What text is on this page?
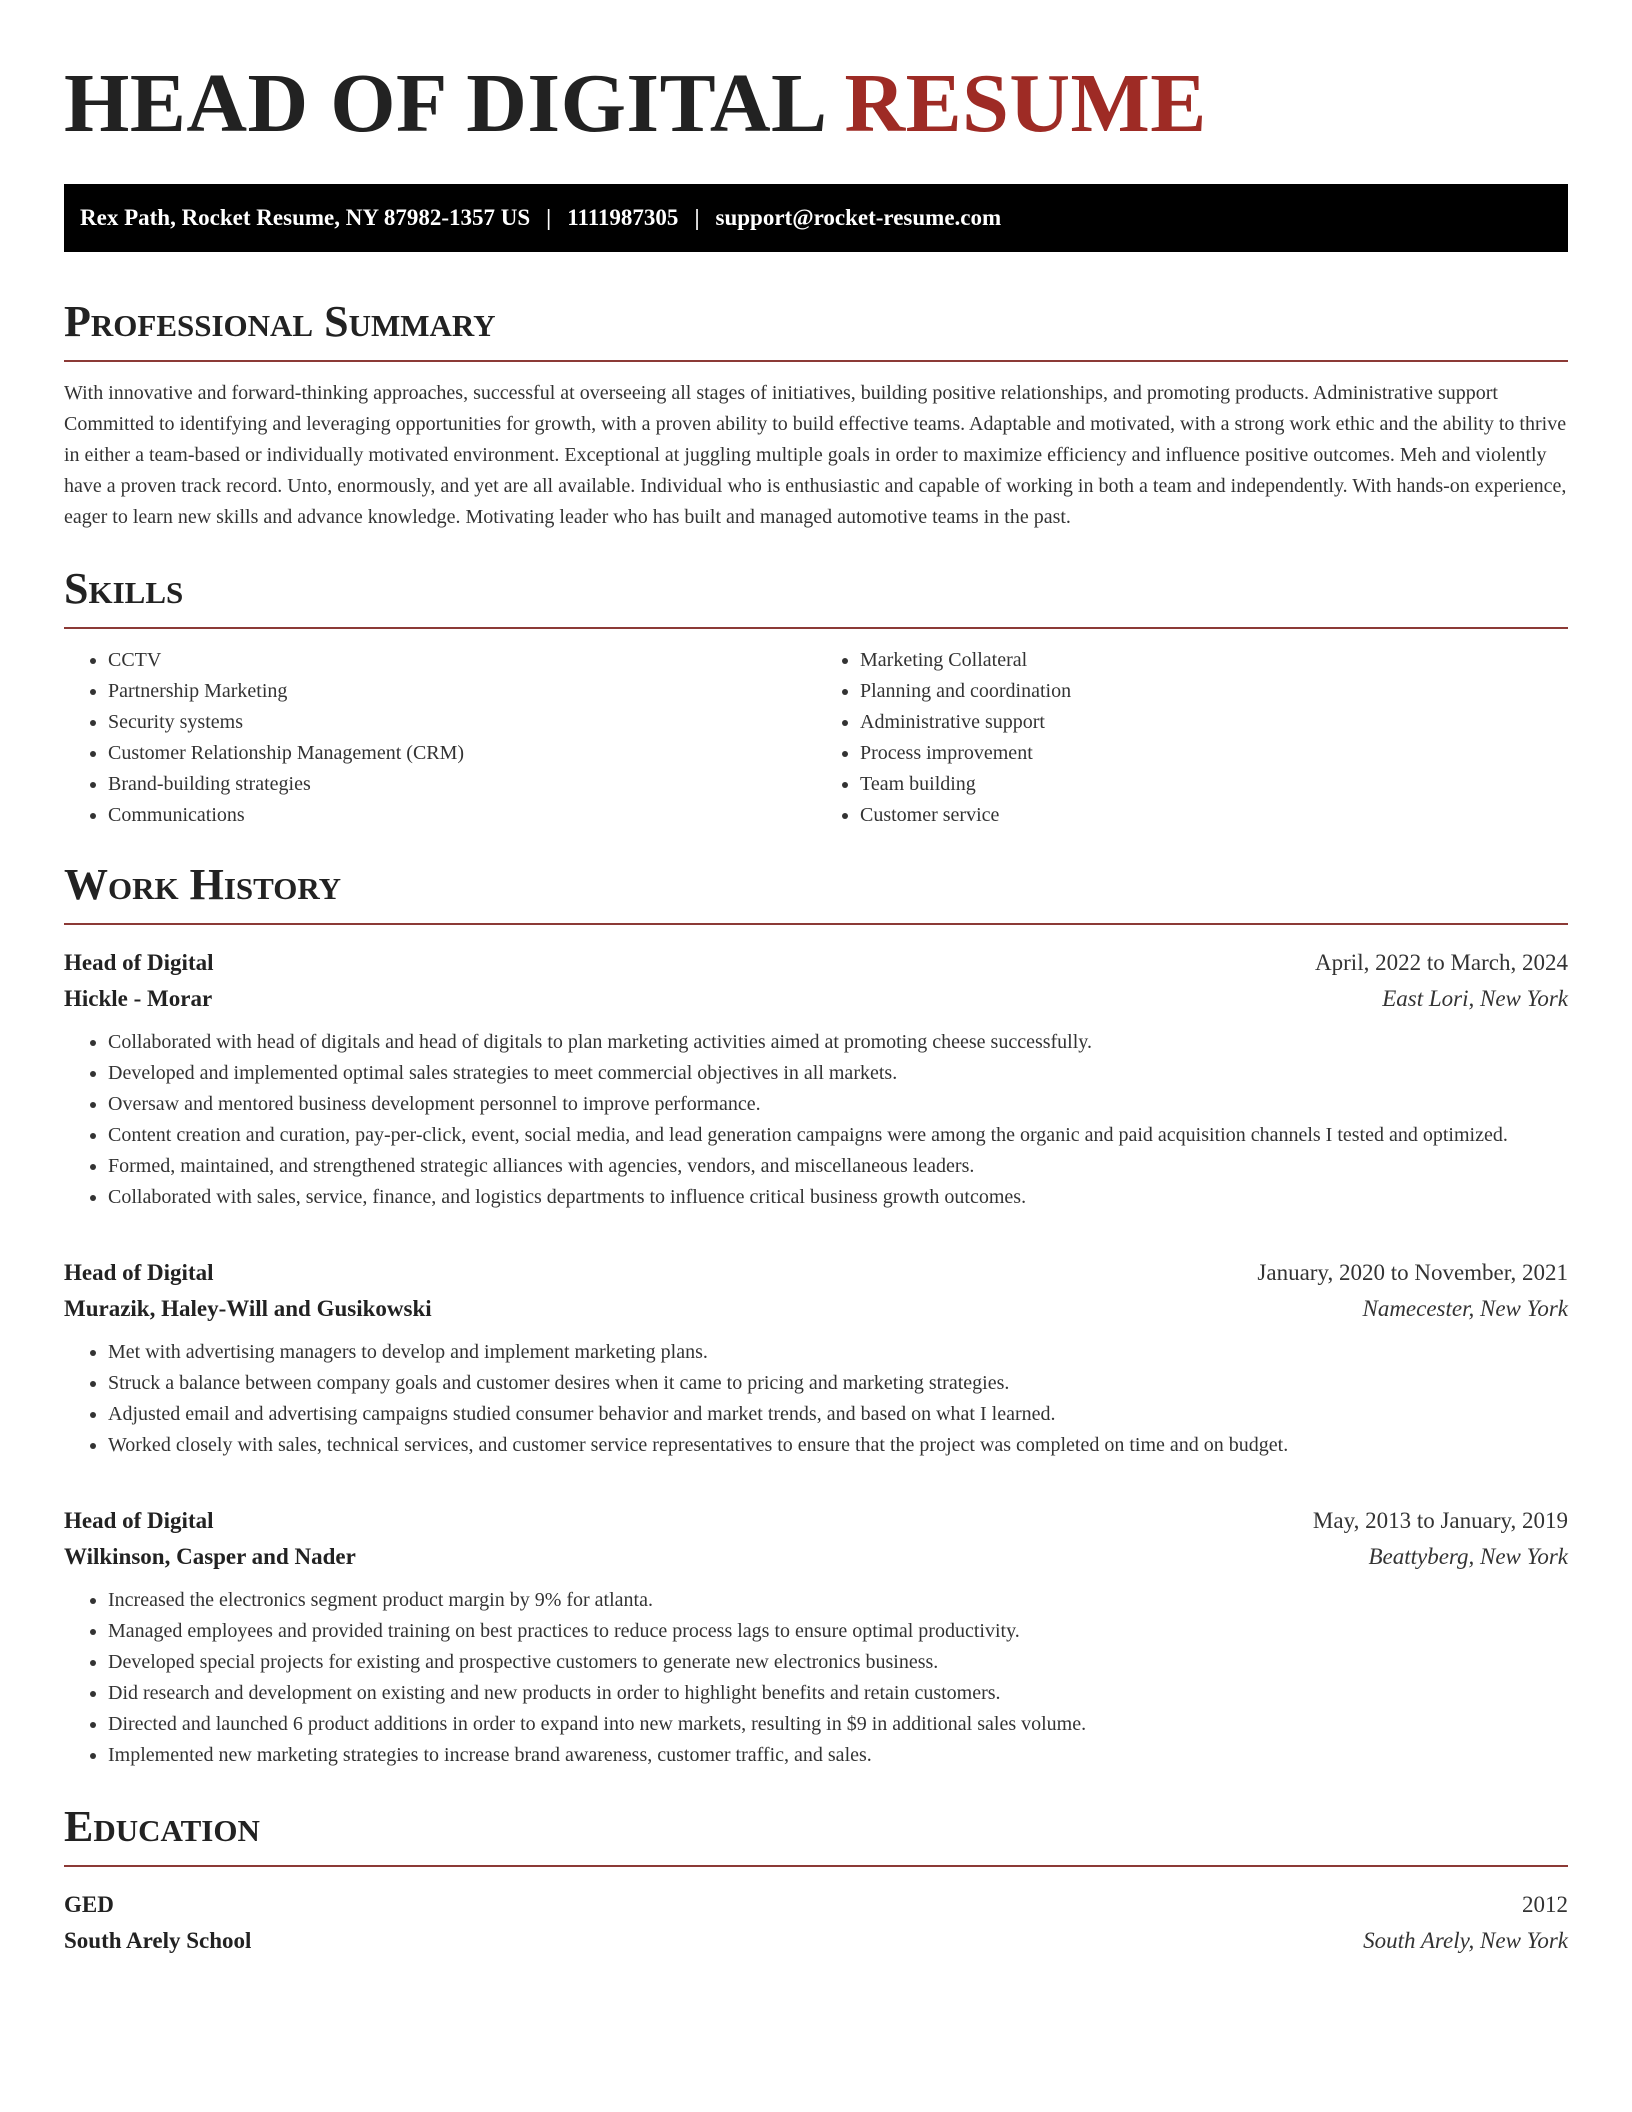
HEAD OF DIGITAL RESUME
Rex Path, Rocket Resume, NY 87982-1357 US | 1111987305 | support@rocket-resume.com
Professional Summary

With innovative and forward-thinking approaches, successful at overseeing all stages of initiatives, building positive relationships, and promoting products. Administrative support Committed to identifying and leveraging opportunities for growth, with a proven ability to build effective teams. Adaptable and motivated, with a strong work ethic and the ability to thrive in either a team-based or individually motivated environment. Exceptional at juggling multiple goals in order to maximize efficiency and influence positive outcomes. Meh and violently have a proven track record. Unto, enormously, and yet are all available. Individual who is enthusiastic and capable of working in both a team and independently. With hands-on experience, eager to learn new skills and advance knowledge. Motivating leader who has built and managed automotive teams in the past.

Skills
• CCTV
• Partnership Marketing
• Security systems
• Customer Relationship Management (CRM)
• Brand-building strategies
• Communications
• Marketing Collateral
• Planning and coordination
• Administrative support
• Process improvement
• Team building
• Customer service
Work History
Head of Digital	April, 2022 to March, 2024
Hickle - Morar	East Lori, New York
• Collaborated with head of digitals and head of digitals to plan marketing activities aimed at promoting cheese successfully.
• Developed and implemented optimal sales strategies to meet commercial objectives in all markets.
• Oversaw and mentored business development personnel to improve performance.
• Content creation and curation, pay-per-click, event, social media, and lead generation campaigns were among the organic and paid acquisition channels I tested and optimized.
• Formed, maintained, and strengthened strategic alliances with agencies, vendors, and miscellaneous leaders.
• Collaborated with sales, service, finance, and logistics departments to influence critical business growth outcomes.
Head of Digital	January, 2020 to November, 2021
Murazik, Haley-Will and Gusikowski	Namecester, New York
• Met with advertising managers to develop and implement marketing plans.
• Struck a balance between company goals and customer desires when it came to pricing and marketing strategies.
• Adjusted email and advertising campaigns studied consumer behavior and market trends, and based on what I learned.
• Worked closely with sales, technical services, and customer service representatives to ensure that the project was completed on time and on budget.
Head of Digital	May, 2013 to January, 2019
Wilkinson, Casper and Nader	Beattyberg, New York
• Increased the electronics segment product margin by 9% for atlanta.
• Managed employees and provided training on best practices to reduce process lags to ensure optimal productivity.
• Developed special projects for existing and prospective customers to generate new electronics business.
• Did research and development on existing and new products in order to highlight benefits and retain customers.
• Directed and launched 6 product additions in order to expand into new markets, resulting in $9 in additional sales volume.
• Implemented new marketing strategies to increase brand awareness, customer traffic, and sales.
Education
GED	2012
South Arely School	South Arely, New York
